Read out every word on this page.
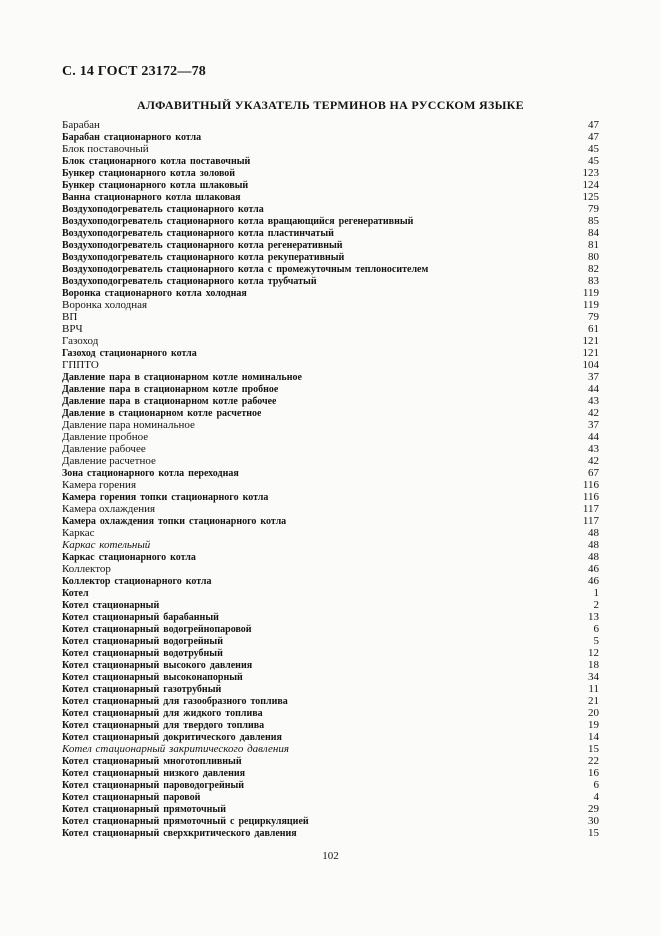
С. 14 ГОСТ 23172—78
АЛФАВИТНЫЙ УКАЗАТЕЛЬ ТЕРМИНОВ НА РУССКОМ ЯЗЫКЕ
Барабан	47
Барабан стационарного котла	47
Блок поставочный	45
Блок стационарного котла поставочный	45
Бункер стационарного котла золовой	123
Бункер стационарного котла шлаковый	124
Ванна стационарного котла шлаковая	125
Воздухоподогреватель стационарного котла	79
Воздухоподогреватель стационарного котла вращающийся регенеративный	85
Воздухоподогреватель стационарного котла пластинчатый	84
Воздухоподогреватель стационарного котла регенеративный	81
Воздухоподогреватель стационарного котла рекуперативный	80
Воздухоподогреватель стационарного котла с промежуточным теплоносителем	82
Воздухоподогреватель стационарного котла трубчатый	83
Воронка стационарного котла холодная	119
Воронка холодная	119
ВП	79
ВРЧ	61
Газоход	121
Газоход стационарного котла	121
ГППТО	104
Давление пара в стационарном котле номинальное	37
Давление пара в стационарном котле пробное	44
Давление пара в стационарном котле рабочее	43
Давление в стационарном котле расчетное	42
Давление пара номинальное	37
Давление пробное	44
Давление рабочее	43
Давление расчетное	42
Зона стационарного котла переходная	67
Камера горения	116
Камера горения топки стационарного котла	116
Камера охлаждения	117
Камера охлаждения топки стационарного котла	117
Каркас	48
Каркас котельный	48
Каркас стационарного котла	48
Коллектор	46
Коллектор стационарного котла	46
Котел	1
Котел стационарный	2
Котел стационарный барабанный	13
Котел стационарный водогрейнопаровой	6
Котел стационарный водогрейный	5
Котел стационарный водотрубный	12
Котел стационарный высокого давления	18
Котел стационарный высоконапорный	34
Котел стационарный газотрубный	11
Котел стационарный для газообразного топлива	21
Котел стационарный для жидкого топлива	20
Котел стационарный для твердого топлива	19
Котел стационарный докритического давления	14
Котел стационарный закритического давления	15
Котел стационарный многотопливный	22
Котел стационарный низкого давления	16
Котел стационарный пароводогрейный	6
Котел стационарный паровой	4
Котел стационарный прямоточный	29
Котел стационарный прямоточный с рециркуляцией	30
Котел стационарный сверхкритического давления	15
102
